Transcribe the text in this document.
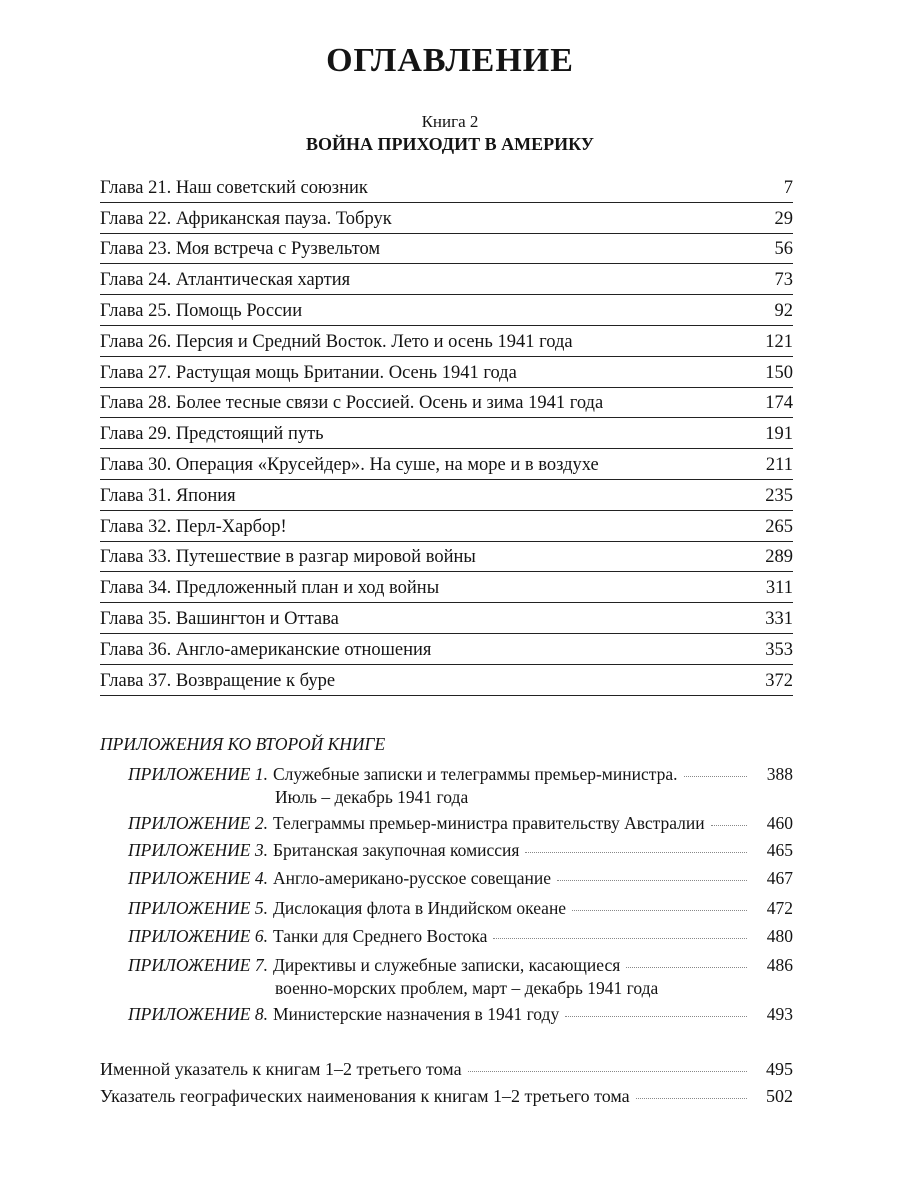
ОГЛАВЛЕНИЕ
Книга 2
ВОЙНА ПРИХОДИТ В АМЕРИКУ
Глава 21. Наш советский союзник	7
Глава 22. Африканская пауза. Тобрук	29
Глава 23. Моя встреча с Рузвельтом	56
Глава 24. Атлантическая хартия	73
Глава 25. Помощь России	92
Глава 26. Персия и Средний Восток. Лето и осень 1941 года	121
Глава 27. Растущая мощь Британии. Осень 1941 года	150
Глава 28. Более тесные связи с Россией. Осень и зима 1941 года	174
Глава 29. Предстоящий путь	191
Глава 30. Операция «Крусейдер». На суше, на море и в воздухе	211
Глава 31. Япония	235
Глава 32. Перл-Харбор!	265
Глава 33. Путешествие в разгар мировой войны	289
Глава 34. Предложенный план и ход войны	311
Глава 35. Вашингтон и Оттава	331
Глава 36. Англо-американские отношения	353
Глава 37. Возвращение к буре	372
ПРИЛОЖЕНИЯ КО ВТОРОЙ КНИГЕ
ПРИЛОЖЕНИЕ 1. Служебные записки и телеграммы премьер-министра.	388
Июль – декабрь 1941 года
ПРИЛОЖЕНИЕ 2. Телеграммы премьер-министра правительству Австралии	460
ПРИЛОЖЕНИЕ 3. Британская закупочная комиссия	465
ПРИЛОЖЕНИЕ 4. Англо-американо-русское совещание	467
ПРИЛОЖЕНИЕ 5. Дислокация флота в Индийском океане	472
ПРИЛОЖЕНИЕ 6. Танки для Среднего Востока	480
ПРИЛОЖЕНИЕ 7. Директивы и служебные записки, касающиеся	486
военно-морских проблем, март – декабрь 1941 года
ПРИЛОЖЕНИЕ 8. Министерские назначения в 1941 году	493
Именной указатель к книгам 1–2 третьего тома	495
Указатель географических наименования к книгам 1–2 третьего тома	502
